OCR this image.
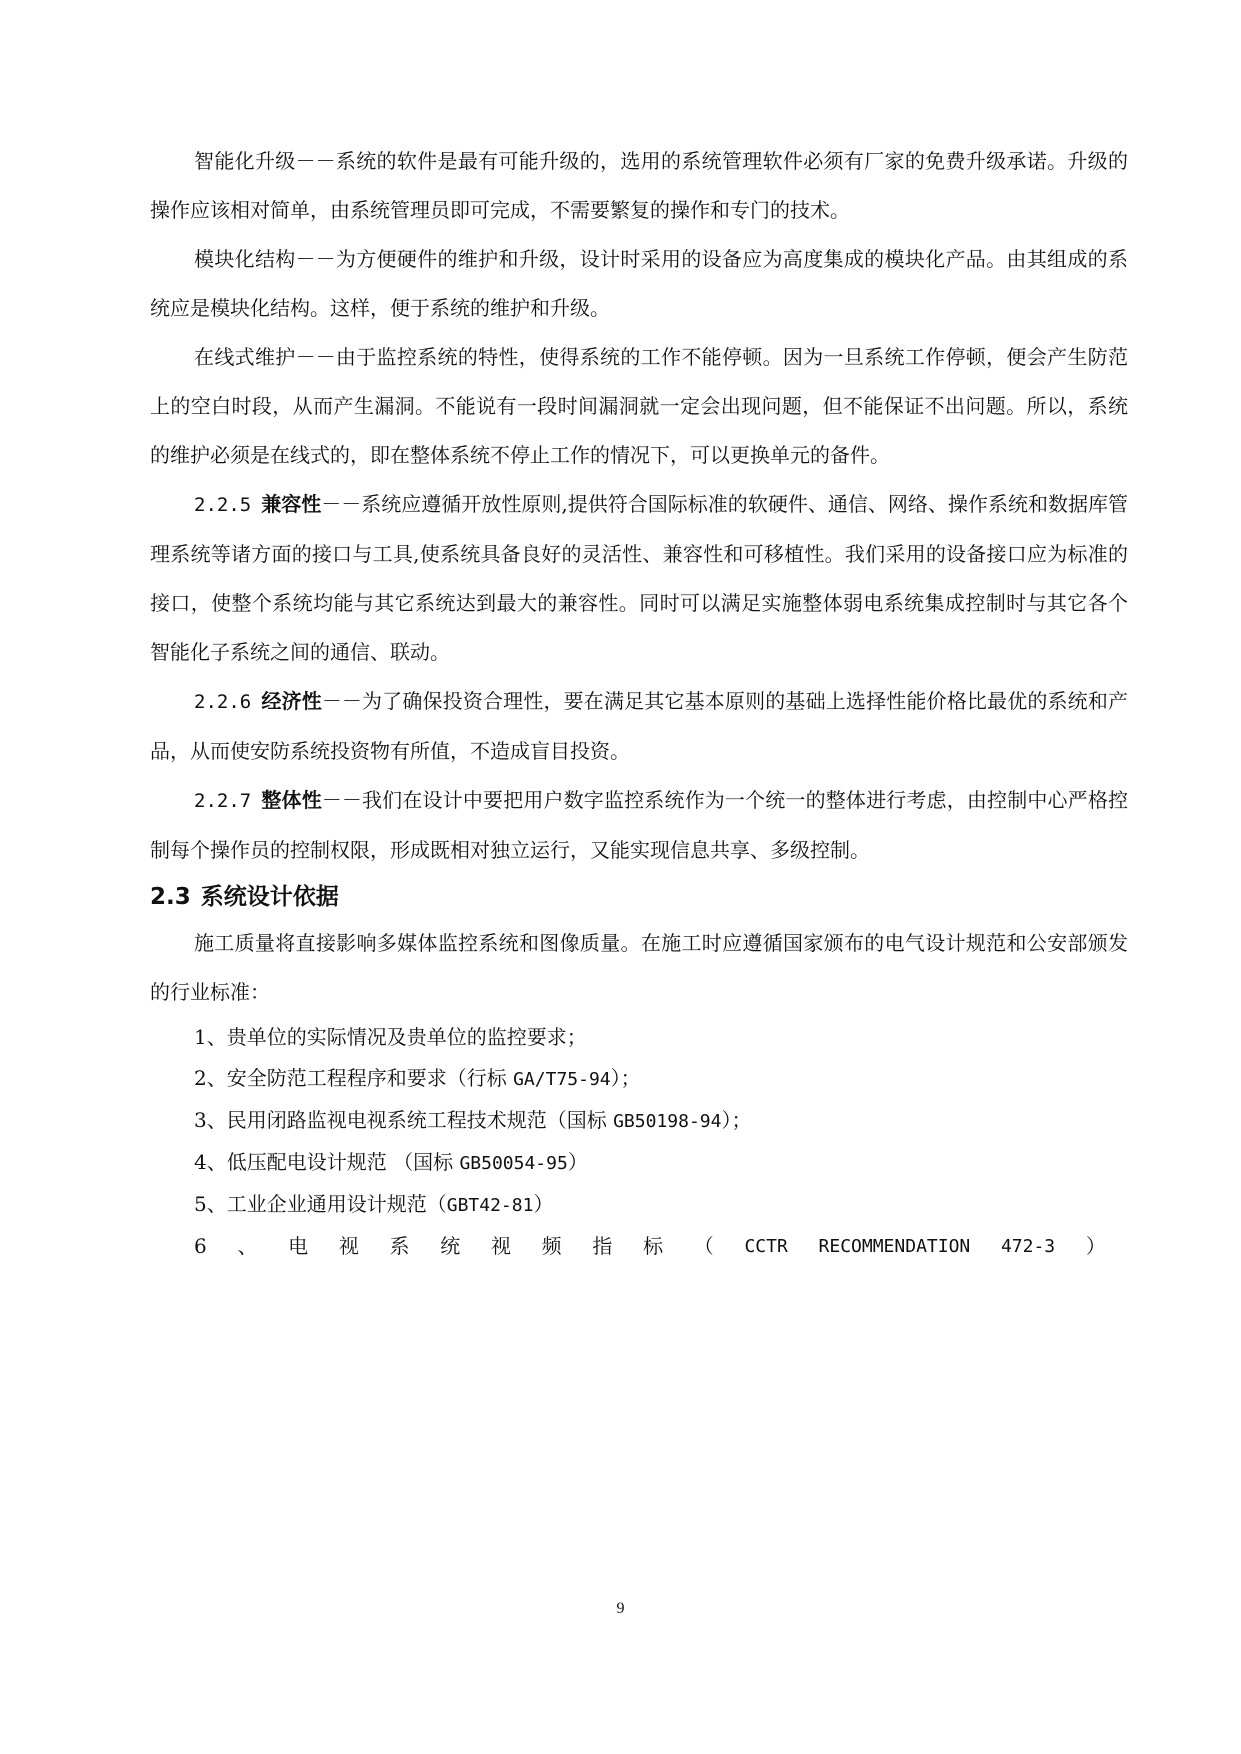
智能化升级－－系统的软件是最有可能升级的，选用的系统管理软件必须有厂家的免费升级承诺。升级的操作应该相对简单，由系统管理员即可完成，不需要繁复的操作和专门的技术。

模块化结构－－为方便硬件的维护和升级，设计时采用的设备应为高度集成的模块化产品。由其组成的系统应是模块化结构。这样，便于系统的维护和升级。

在线式维护－－由于监控系统的特性，使得系统的工作不能停顿。因为一旦系统工作停顿，便会产生防范上的空白时段，从而产生漏洞。不能说有一段时间漏洞就一定会出现问题，但不能保证不出问题。所以，系统的维护必须是在线式的，即在整体系统不停止工作的情况下，可以更换单元的备件。

2.2.5 兼容性－－系统应遵循开放性原则,提供符合国际标准的软硬件、通信、网络、操作系统和数据库管理系统等诸方面的接口与工具,使系统具备良好的灵活性、兼容性和可移植性。我们采用的设备接口应为标准的接口，使整个系统均能与其它系统达到最大的兼容性。同时可以满足实施整体弱电系统集成控制时与其它各个智能化子系统之间的通信、联动。

2.2.6 经济性－－为了确保投资合理性，要在满足其它基本原则的基础上选择性能价格比最优的系统和产品，从而使安防系统投资物有所值，不造成盲目投资。

2.2.7 整体性－－我们在设计中要把用户数字监控系统作为一个统一的整体进行考虑，由控制中心严格控制每个操作员的控制权限，形成既相对独立运行，又能实现信息共享、多级控制。

2.3 系统设计依据

施工质量将直接影响多媒体监控系统和图像质量。在施工时应遵循国家颁布的电气设计规范和公安部颁发的行业标准：

1、贵单位的实际情况及贵单位的监控要求；

2、安全防范工程程序和要求（行标 GA/T75-94）；

3、民用闭路监视电视系统工程技术规范（国标 GB50198-94）；

4、低压配电设计规范 （国标 GB50054-95）

5、工业企业通用设计规范（GBT42-81）

6 、 电 视 系 统 视 频 指 标 （ CCTR RECOMMENDATION 472-3 ）

9
